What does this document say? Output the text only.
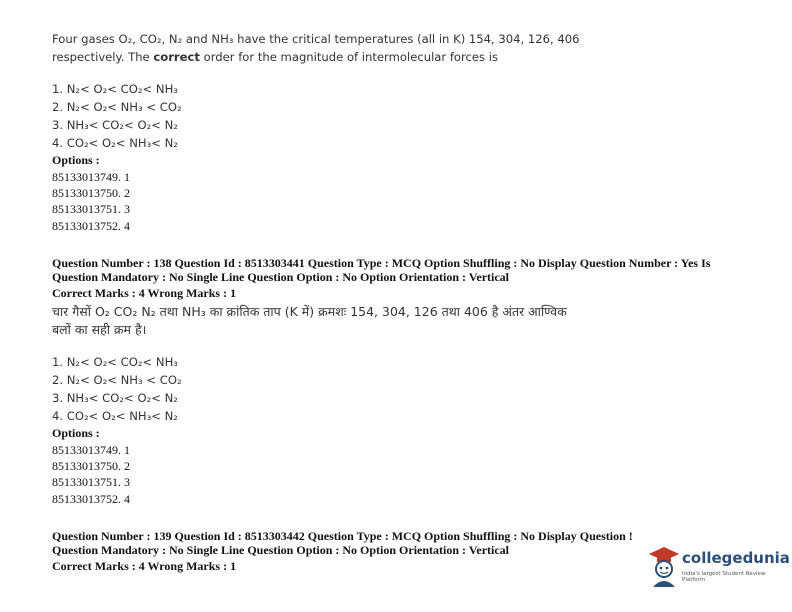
Four gases O₂, CO₂, N₂ and NH₃ have the critical temperatures (all in K) 154, 304, 126, 406
respectively. The correct order for the magnitude of intermolecular forces is
1. N₂< O₂< CO₂< NH₃
2. N₂< O₂< NH₃ < CO₂
3. NH₃< CO₂< O₂< N₂
4. CO₂< O₂< NH₃< N₂
Options :
85133013749. 1
85133013750. 2
85133013751. 3
85133013752. 4
Question Number : 138 Question Id : 8513303441 Question Type : MCQ Option Shuffling : No Display Question Number : Yes Is
Question Mandatory : No Single Line Question Option : No Option Orientation : Vertical
Correct Marks : 4 Wrong Marks : 1
चार गैसों O₂ CO₂ N₂ तथा NH₃ का क्रांतिक ताप (K में) क्रमशः 154, 304, 126 तथा 406 है अंतर आण्विक
बलों का सही क्रम है।
1. N₂< O₂< CO₂< NH₃
2. N₂< O₂< NH₃ < CO₂
3. NH₃< CO₂< O₂< N₂
4. CO₂< O₂< NH₃< N₂
Options :
85133013749. 1
85133013750. 2
85133013751. 3
85133013752. 4
Question Number : 139 Question Id : 8513303442 Question Type : MCQ Option Shuffling : No Display Question !
Question Mandatory : No Single Line Question Option : No Option Orientation : Vertical
Correct Marks : 4 Wrong Marks : 1	collegedunia
India's largest Student Review Platform
